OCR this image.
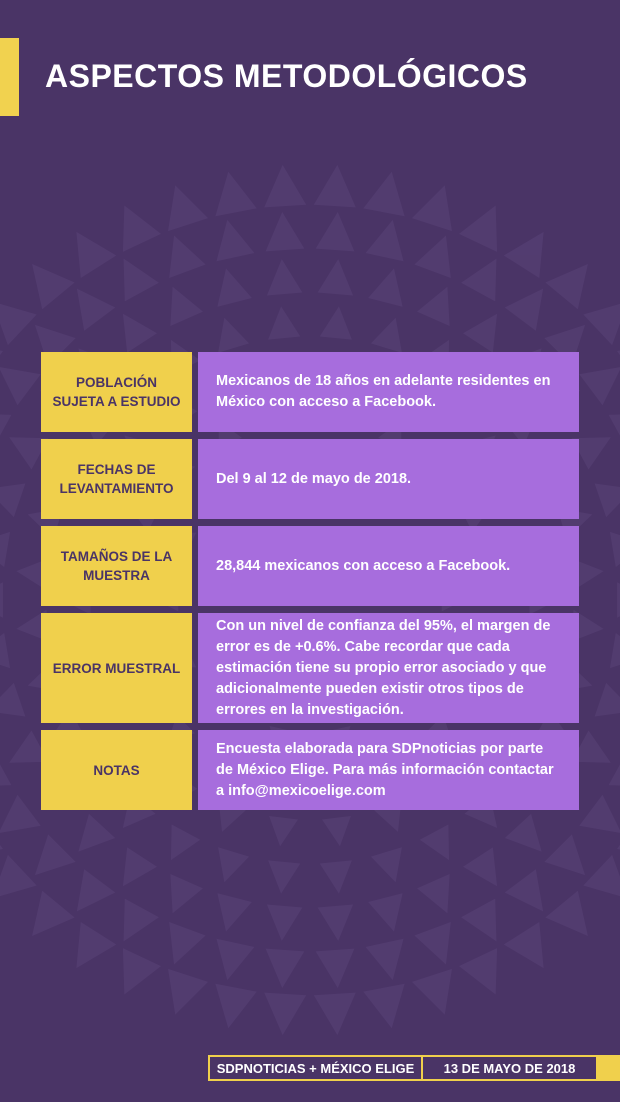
ASPECTOS METODOLÓGICOS
POBLACIÓN SUJETA A ESTUDIO
Mexicanos de 18 años en adelante residentes en México con acceso a Facebook.
FECHAS DE LEVANTAMIENTO
Del 9 al 12 de mayo de 2018.
TAMAÑOS DE LA MUESTRA
28,844 mexicanos con acceso a Facebook.
ERROR MUESTRAL
Con un nivel de confianza del 95%, el margen de error es de +0.6%. Cabe recordar que cada estimación tiene su propio error asociado y que adicionalmente pueden existir otros tipos de errores en la investigación.
NOTAS
Encuesta elaborada para SDPnoticias por parte de México Elige. Para más información contactar a info@mexicoelige.com
SDPNOTICIAS + MÉXICO ELIGE	13 DE MAYO DE 2018
